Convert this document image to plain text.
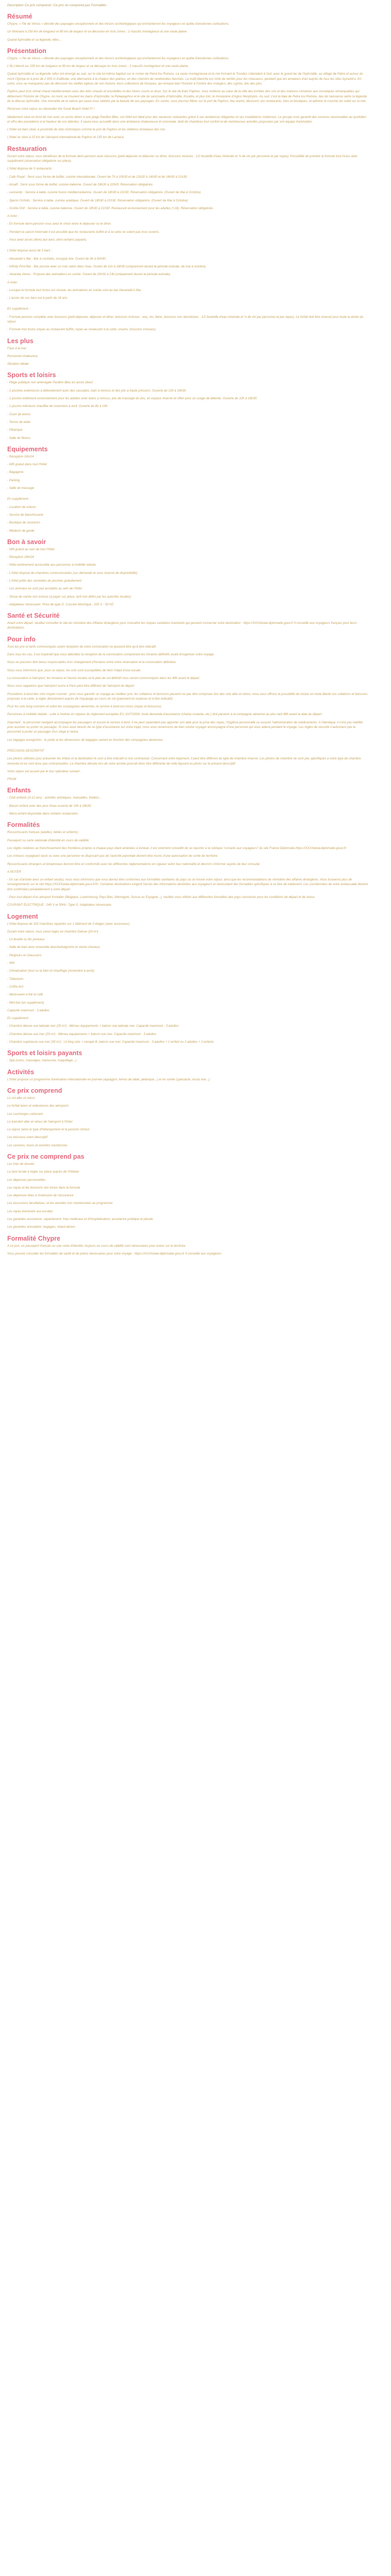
Description Ce prix comprend / Ce prix ne comprend pas Formalités
Résumé

Chypre, « l'île de Vénus » dévoile des paysages exceptionnels et des trésors archéologiques qui enchanteront les voyageurs en quête d'anciennes civilisations.

Un itinéraire à 230 km de longueur et 80 km de largeur et se découvre en trois zones : 2 massifs montagneux et une vaste plaine.

Quand Aphrodite et sa légende, elles...

Présentation

Chypre, « l'île de Vénus » dévoile des paysages exceptionnels et des trésors archéologiques qui enchanteront les voyageurs en quête d'anciennes civilisations.

L'île s'étend sur 230 km de longueur et 80 km de largeur et se découpe en trois zones : 2 massifs montagneux et une vaste plaine.

Quand Aphrodite et sa légende, elles ont émergé au sud, sur le site lui-même baptisé sur le rocher de Petra tou Romiou. La vaste montagneuse et la rive formant le Troodos s'étendent à l'est, avec le grand lac de l'Aphrodite, au village de Pafos et autour du mont Olympe et à près de 2 000 m d'altitude, une alternance à la chaleur des plaines, en des chemins de randonnées fascinés. La multi-blanche est riche de vérités pour les chasseurs, pendant que les amateurs d'art auprès de tous les sites byzantins. En outre, vous ne manquerez pas de découvrir les vieilles églises de son histoire, leurs collections de fresques, qui évoque bien l'histoire à l'ombre des orangers, des cyprès, tels des pins.

Paphos peut d'un climat chaud méditerranéen avec des étés chauds et ensoleillés et des hivers courts et doux. Sur le site de Kato Paphos, vous visiterez au cœur de la ville des tombes des rois et des maisons romaines aux mosaïques remarquables qui détiennent l'histoire de Chypre. Au nord, se trouvent les bains d'Aphrodite, la Palaepaphos et le site du sanctuaire d'Aphrodite, Kouklia, et plus loin, le monastère d'Agios Neophytos. Au sud, c'est la baie de Petra tou Romiou, lieu de naissance selon la légende de la déesse Aphrodite. Une merveille de la nature qui saura vous séduire par la beauté de ses paysages. En soirée, vous pourrez flâner sur le port de Paphos, lieu animé, découvrir ses restaurants, bars et boutiques, et admirer le coucher du soleil sur la mer.

Réservez votre séjour au Alexander the Great Beach Hotel 5* !

Idéalement situé en bord de mer avec un accès direct à une plage Pavillon Bleu, cet hôtel est idéal pour des vacances relaxantes grâce à ses ambiances élégantes et ses installations modernes. Le groupe vous garantit des services raisonnables au quotidien et offre des prestations à la hauteur de vos attentes. Il saura vous accueillir dans une ambiance chaleureuse et conviviale, doté de chambres tout confort et de nombreuses activités proposées par son équipe d'animation.

L'hôtel est bien situé, à proximité de sites historiques comme le port de Paphos et les célèbres tombeaux des rois.

L'hôtel se situe à 15 km de l'aéroport international de Paphos et 135 km de Larnaca.

Restauration

Durant votre séjour, vous bénéficiez de la formule demi-pension avec boissons (petit-déjeuner et déjeuner ou dîner, boissons incluses : 1/2 bouteille d'eau minérale et ¼ de vin par personne et par repas). Possibilité de prendre la formule tout inclus avec supplément (réservation obligatoire sur place).

L'hôtel dispose de 5 restaurants :

- Café Royal : Servi sous forme de buffet, cuisine internationale. Ouvert de 7h à 10h30 et de 12h30 à 14h30 et de 18h30 à 21h30.

- Amalfi : Servi sous forme de buffet, cuisine italienne. Ouvert de 18h30 à 22h00. Réservation obligatoire.

- Leonardo : Service à table, cuisine fusion méditerranéenne. Ouvert de 18h30 à 21h30. Réservation obligatoire. (Ouvert de Mai à Octobre)

- Sperio Orchids : Service à table, cuisine asiatique. Ouvert de 18h30 à 21h30. Réservation obligatoire. (Ouvert de Mai à Octobre)

- Gorilla Grill : Service à table, cuisine italienne. Ouvert de 18h30 à 21h30. Restaurant exclusivement pour les adultes (+18). Réservation obligatoire.

A noter :

- En formule demi-pension vous avez le choix entre le déjeuner ou le dîner.

- Pendant la saison hivernale il est possible que les restaurants buffet et à la carte ne soient pas tous ouverts.

- Vous avez accès (libre) aux bars, dont certains payants.

L'hôtel dispose aussi de 3 bars :

- Alexander's Bar : Bar à cocktails, musique live. Ouvert de 9h à 00h30.

- Infinity Pool Bar : Bar piscine avec un coin salon dans l'eau. Ouvert de 11h à 18h30 (uniquement durant la période estivale, de mai à octobre).

- Veranda Venus : Propose des animations en soirée. Ouvert de 20h30 à 23h (uniquement durant la période estivale).

A noter :

- Lorsque la formule tout inclus est choisie, les animations en soirée sont au bar Alexander's Bar.

- L'accès de ces bars est à partir de 18 ans.

En supplément :

- Formule pension complète avec boissons (petit-déjeuner, déjeuner et dîner, boissons incluses : eau, vin, bière, boissons non alcoolisées : 1/2 bouteille d'eau minérale et ¼ de vin par personne et par repas). Le forfait doit être réservé pour toute la durée du séjour.

- Formule tout inclus (repas au restaurant buffet, repas au restaurant à la carte, snacks, boissons incluses).

Les plus

Face à la mer

Personnel chaleureux

Situation idéale

Sports et loisirs

- Plage publique non aménagée Pavillon Bleu en accès direct

- 2 piscines extérieures à débordement avec des cascades, bain à remous et des jets à haute pression. Ouverte de 10h à 18h30.

- 1 piscine extérieure exclusivement pour les adultes avec bains à remous, jets de massage du dos, en espace réservé et offert pour un usage de détente. Ouverte de 10h à 18h30.

- 1 piscine intérieure chauffée de novembre à avril. Ouverte de 8h à 19h.

- Court de tennis

- Tennis de table

- Pétanque

- Salle de fitness

Equipements

- Réception 24h/24

- Wifi gratuit dans tout l'hôtel

- Bagagerie

- Parking

- Salle de massage

En supplément :

- Location de voiture

- Service de blanchisserie

- Boutique de souvenirs

- Médecin de garde

Bon à savoir

- Wifi gratuit au sein de tout l'hôtel

- Réception 24h/24

- Hôtel entièrement accessible aux personnes à mobilité réduite

- L'hôtel dispose de chambres communicantes (sur demande et sous réserve de disponibilité)

- L'hôtel prête des serviettes de piscines gratuitement

- Les animaux ne sont pas acceptés au sein de l'hôtel

- Tenue de soirée non incluse (à payer sur place, tarif non défini par les autorités locales).

- Adaptateur nécessaire. Prise de type G. Courant électrique : 220 V - 50 HZ

Santé et Sécurité

Avant votre départ, veuillez consulter le site du ministère des Affaires étrangères pour connaître les risques sanitaires éventuels qui peuvent concerner votre destination : https://XXXXwww.diplomatie.gouv.fr Il conseille aux voyageurs français pour leurs destinations.

Pour info

Tous les prix et tarifs communiqués avant réception de votre convocation ne peuvent être qu'à titre indicatif.

Dans tous les cas, il est impératif que vous attendiez la réception de la convocation comprenant les horaires définitifs avant d'organiser votre voyage.

Nous ne pouvons être tenus responsables d'un changement d'horaires entre votre réservation et la convocation définitive.

Nous vous informons que, pour ce séjour, les vols sont susceptibles de faire l'objet d'une escale.

La convocation à l'aéroport, les horaires et heures locales et le plan de vol définitif vous seront communiqués dans les 48h avant le départ.

Nous vous rappelons que l'aéroport ouvre à Paris peut être différent de l'aéroport de départ.

Prestations à bord des vols moyen courrier : pour vous garantir un voyage au meilleur prix, les collations et boissons peuvent ne pas être comprises lors des vols aller et retour, nous vous offrons la possibilité de choisir en toute liberté vos collations et boissons proposés à la carte, à régler directement auprès de l'équipage au cours du vol (paiement en espèces et à titre indicatif).

Pour les vols long-courriers et selon les compagnies aériennes, le service à bord est inclus (repas et boissons).

Personnes à mobilité réduite : suite à l'entrée en vigueur du règlement européen EU 1107/2006, toute demande d'assistance (chaise roulante, etc.) doit parvenir à la compagnie aérienne au plus tard 48h avant la date du départ.

Important : le personnel navigant accompagne les passagers et assure le service à bord. Il ne peut cependant pas apporter son aide pour la prise des repas, l'hygiène personnelle ou assurer l'administration de médicaments. A l'identique, il n'est pas habilité pour assister ou porter un passager. Si vous avez besoin de ce type d'assistance sur votre trajet, nous vous remercions de bien vouloir voyager accompagné d'une personne qui vous aidera pendant le voyage. Les règles de sécurité n'autorisent pas le personnel à porter un passager d'un siège à l'autre.

Les bagages enregistrés : le poids et les dimensions de bagages varient en fonction des compagnies aériennes.

PRECISION DESCRIPTIF

Les photos utilisées pour présenter les hôtels et la destination le sont à titre indicatif et non contractuel. Concernant votre logement, il peut être différent du type de chambre réservé. Les photos de chambre ne sont pas spécifiques à votre type de chambre réservée et ne sont donc pas contractuelles. La chambre allouée lors de votre arrivée pourrait donc être différente de celle figurant en photo sur le présent descriptif.

Votre séjour est assuré par le tour opérateur suivant :

FRAM

Enfants

- Club enfants (3-12 ans) : activités artistiques, manuelles, théâtre...

- Bassin enfant avec des jeux d'eau ouverte de 10h à 18h30.

- Menu enfant disponible dans certains restaurants.

Formalités

Ressortissants français (adultes, bébés et enfants) :

Passeport ou carte nationale d'identité en cours de validité.

Les règles relatives au franchissement des frontières propres à chaque pays étant amenées à évoluer, il est vivement conseillé de se reporter à la rubrique "conseils aux voyageurs" du site France Diplomatie.https://XXXXwww.diplomatie.gouv.fr/

Les mineurs voyageant seuls ou avec une personne ne disposant pas de l'autorité parentale doivent être munis d'une autorisation de sortie de territoire.

Ressortissants étrangers et binationaux devront être en conformité avec les différentes réglementations en vigueur selon leur nationalité et devront s'informer auprès de leur consulat.

A NOTER

- En cas d'arrivée avec un enfant seul(e), nous vous informons que vous devrez être conformes aux formalités sanitaires du pays où se trouve votre séjour, ainsi que les recommandations du ministère des affaires étrangères. Vous trouverez plus de renseignements sur le site https://XXXXwww.diplomatie.gouv.fr/fr/. Certaines destinations exigent l'accès des informations destinées aux voyageurs et nécessitant des formalités spécifiques à ce titre de traitement. Les coordonnées de votre ambassade doivent être confirmées préalablement à votre départ.

- Pour tout départ d'un aéroport frontalier (Belgique, Luxembourg, Pays-Bas, Allemagne, Suisse ou Espagne...), veuillez vous référer aux différentes formalités des pays concernés pour les conditions de départ et de retour.

COURANT ÉLECTRIQUE : 240 V et 50Hz. Type G. Adaptateur nécessaire.

Logement

L'hôtel dispose de 202 chambres réparties sur 1 bâtiment de 5 étages (avec ascenseur).

Durant votre séjour, vous serez logés en chambre Deluxe (29 m²) :

- Lit double ou lits jumeaux

- Salle de bain avec ensemble douche/baignoire et sèche-cheveux

- Peignoirs et chaussons

- Wifi

- Climatisation (tout ou la bien et chauffage (novembre à avril))

- Télévision

- Coffre-fort

- Nécessaire à thé et café

- Mini-bar (en supplément)

Capacité maximum : 3 adultes

En supplément :

- Chambre deluxe vue latérale mer (29 m²) : Mêmes équipements + balcon vue latérale mer. Capacité maximum : 3 adultes

- Chambre deluxe vue mer (29 m²) : Mêmes équipements + balcon vue mer. Capacité maximum : 3 adultes

- Chambre supérieure vue mer (35 m²) : Lit king-size + canapé lit, balcon vue mer. Capacité maximum : 3 adultes + 1 enfant ou 2 adultes + 2 enfants

Sports et loisirs payants

- Spa (soins, massages, manucure, maquillage...)

Activités

L'hôtel propose un programme d'animation internationale en journée (aquagym, tennis de table, pétanque...) et en soirée (spectacle, music live...).

Ce prix comprend

Le vol aller et retour

Le forfait taxes et redevances des aéroports

Les surcharges carburant

Le transfert aller et retour de l'aéroport à l'hôtel

Le séjour selon le type d'hébergement et la pension choisis

Les boissons selon descriptif

Les services, loisirs et activités mentionnés

Ce prix ne comprend pas

Les frais de dossier

La taxe locale à régler sur place auprès de l'hôtelier

Les dépenses personnelles

Les repas et les boissons non inclus dans la formule

Les dépenses liées à l'extension de l'assurance

Les excursions facultatives, et les activités non mentionnées au programme

Les repas éventuels aux escales

Les garanties assistance, rapatriement, frais médicaux et d'hospitalisation, assistance juridique et pénale

Les garanties annulation, bagages, retard aérien.

Formalité Chypre

A ce jour, un passeport français ou une carte d'identité, toujours en cours de validité sont nécessaires pour entrer sur le territoire.

Vous pouvez consulter les formalités de santé et de police nécessaires pour votre voyage : https://XXXXwww.diplomatie.gouv.fr Il conseille aux voyageurs.
